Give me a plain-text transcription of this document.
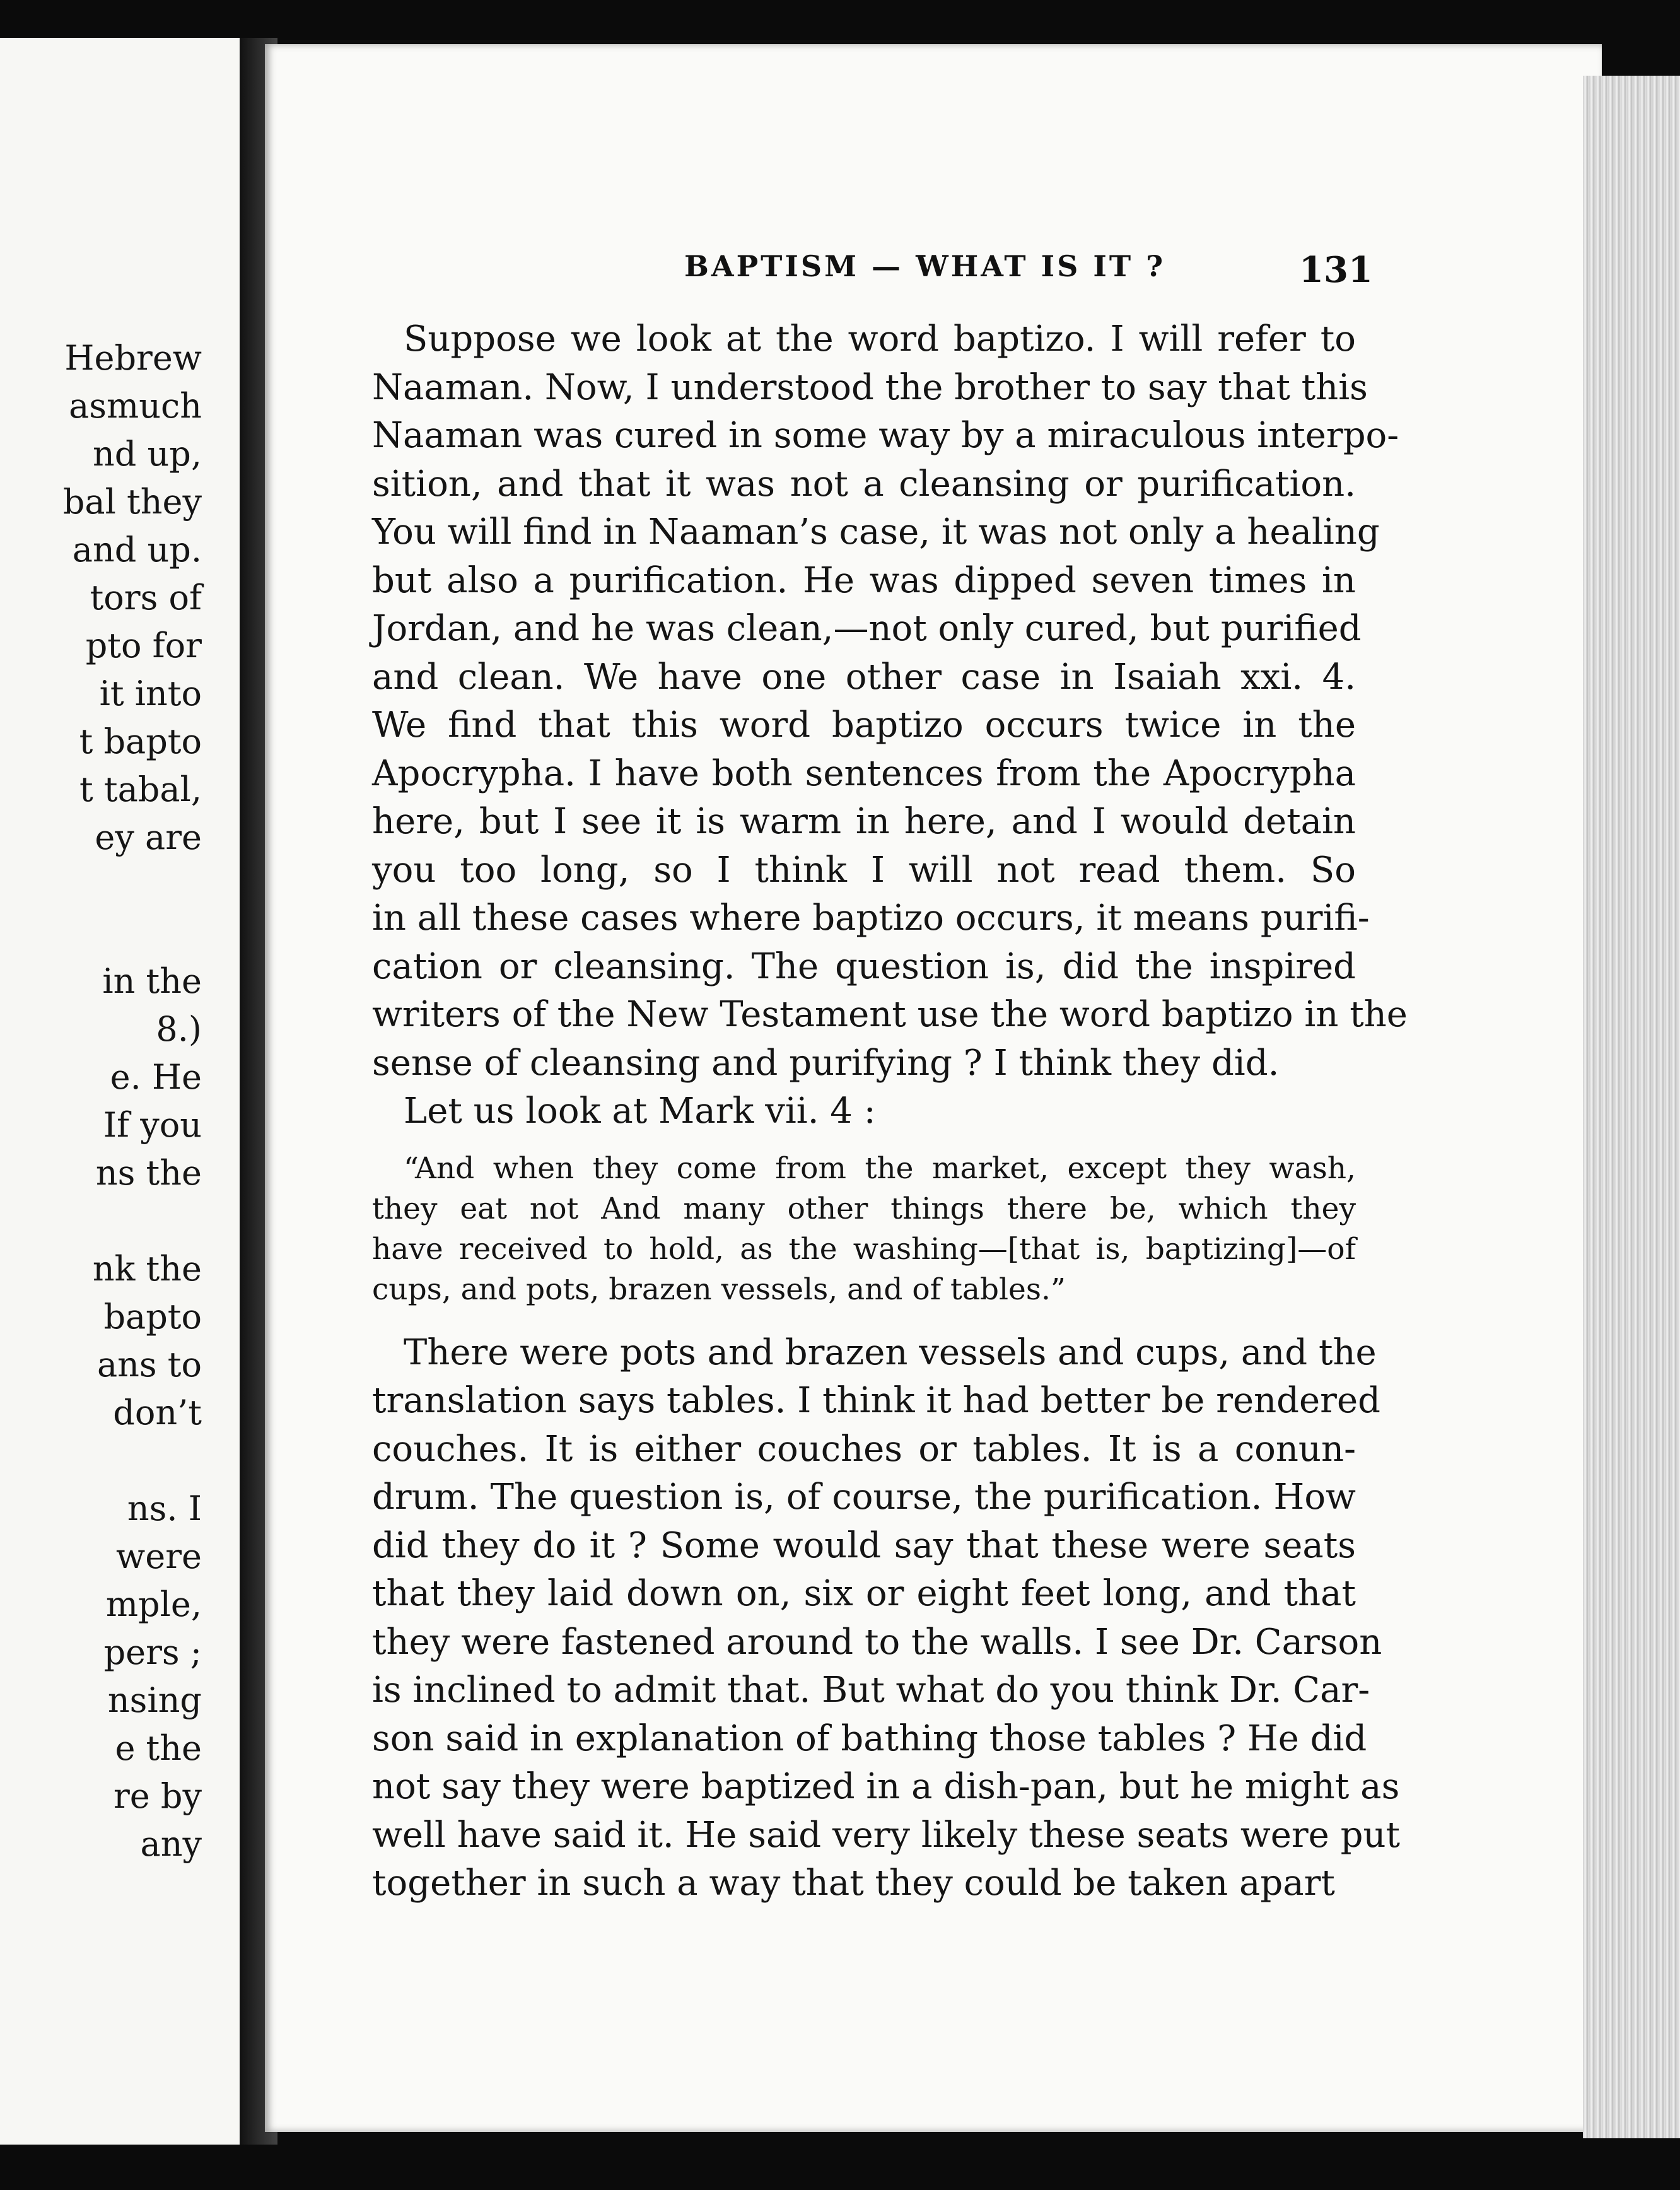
Hebrew
asmuch
nd up,
bal they
and up.
tors of
pto for
it into
t bapto
t tabal,
ey are
in the
8.)
e. He
If you
ns the
nk the
bapto
ans to
don’t
ns. I
were
mple,
pers ;
nsing
e the
re by
any
BAPTISM — WHAT IS IT ?	131
Suppose we look at the word baptizo. I will refer to
Naaman. Now, I understood the brother to say that this
Naaman was cured in some way by a miraculous interpo-
sition, and that it was not a cleansing or purification.
You will find in Naaman’s case, it was not only a healing
but also a purification. He was dipped seven times in
Jordan, and he was clean,—not only cured, but purified
and clean. We have one other case in Isaiah xxi. 4.
We find that this word baptizo occurs twice in the
Apocrypha. I have both sentences from the Apocrypha
here, but I see it is warm in here, and I would detain
you too long, so I think I will not read them. So
in all these cases where baptizo occurs, it means purifi-
cation or cleansing. The question is, did the inspired
writers of the New Testament use the word baptizo in the
sense of cleansing and purifying ? I think they did.
Let us look at Mark vii. 4 :
“And when they come from the market, except they wash,
they eat not And many other things there be, which they
have received to hold, as the washing—[that is, baptizing]—of
cups, and pots, brazen vessels, and of tables.”
There were pots and brazen vessels and cups, and the
translation says tables. I think it had better be rendered
couches. It is either couches or tables. It is a conun-
drum. The question is, of course, the purification. How
did they do it ? Some would say that these were seats
that they laid down on, six or eight feet long, and that
they were fastened around to the walls. I see Dr. Carson
is inclined to admit that. But what do you think Dr. Car-
son said in explanation of bathing those tables ? He did
not say they were baptized in a dish-pan, but he might as
well have said it. He said very likely these seats were put
together in such a way that they could be taken apart
